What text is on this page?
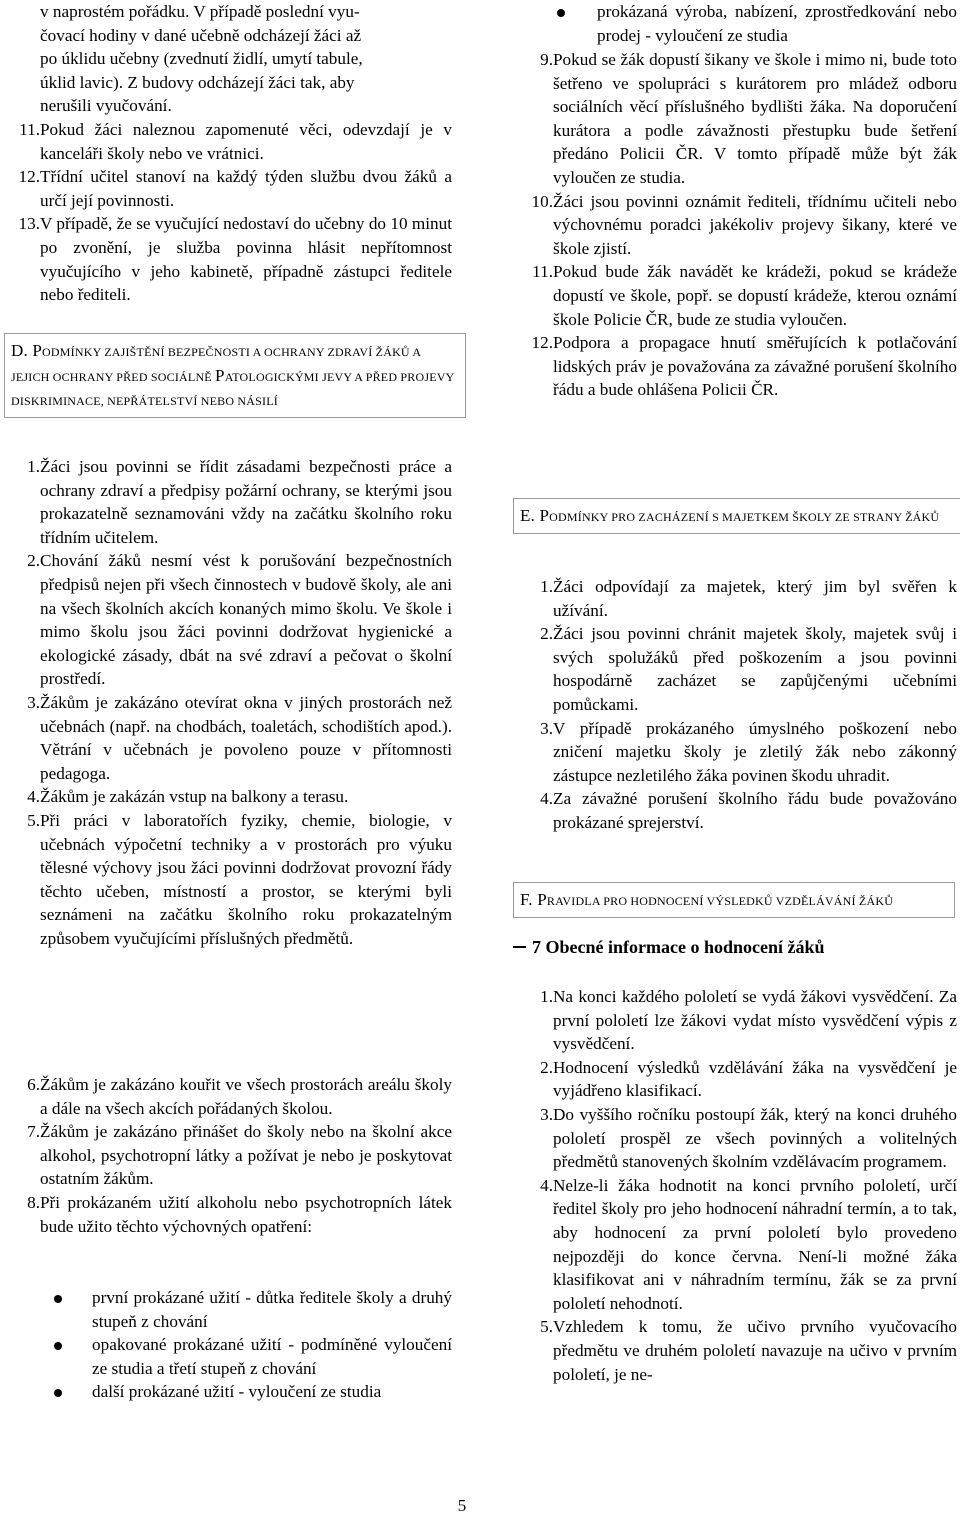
v naprostém pořádku. V případě poslední vyu-

čovací hodiny v dané učebně odcházejí žáci až

po úklidu učebny (zvednutí židlí, umytí tabule,

úklid lavic). Z budovy odcházejí žáci tak, aby

nerušili vyučování.

11. Pokud žáci naleznou zapomenuté věci, odevzdají je v kanceláři školy nebo ve vrátnici.
12. Třídní učitel stanoví na každý týden službu dvou žáků a určí její povinnosti.
13. V případě, že se vyučující nedostaví do učebny do 10 minut po zvonění, je služba povinna hlásit nepřítomnost vyučujícího v jeho kabinetě, případně zástupci ředitele nebo řediteli.
D. PODMÍNKY ZAJIŠTĚNÍ BEZPEČNOSTI A OCHRANY ZDRAVÍ ŽÁKŮ A JEJICH OCHRANY PŘED SOCIÁLNĚ PATOLOGICKÝMI JEVY A PŘED PROJEVY DISKRIMINACE, NEPŘÁTELSTVÍ NEBO NÁSILÍ
1. Žáci jsou povinni se řídit zásadami bezpečnosti práce a ochrany zdraví a předpisy požární ochrany, se kterými jsou prokazatelně seznamováni vždy na začátku školního roku třídním učitelem.
2. Chování žáků nesmí vést k porušování bezpečnostních předpisů nejen při všech činnostech v budově školy, ale ani na všech školních akcích konaných mimo školu. Ve škole i mimo školu jsou žáci povinni dodržovat hygienické a ekologické zásady, dbát na své zdraví a pečovat o školní prostředí.
3. Žákům je zakázáno otevírat okna v jiných prostorách než učebnách (např. na chodbách, toaletách, schodištích apod.). Větrání v učebnách je povoleno pouze v přítomnosti pedagoga.
4. Žákům je zakázán vstup na balkony a terasu.
5. Při práci v laboratořích fyziky, chemie, biologie, v učebnách výpočetní techniky a v prostorách pro výuku tělesné výchovy jsou žáci povinni dodržovat provozní řády těchto učeben, místností a prostor, se kterými byli seznámeni na začátku školního roku prokazatelným způsobem vyučujícími příslušných předmětů.
6. Žákům je zakázáno kouřit ve všech prostorách areálu školy a dále na všech akcích pořádaných školou.
7. Žákům je zakázáno přinášet do školy nebo na školní akce alkohol, psychotropní látky a požívat je nebo je poskytovat ostatním žákům.
8. Při prokázaném užití alkoholu nebo psychotropních látek bude užito těchto výchovných opatření:
první prokázané užití - důtka ředitele školy a druhý stupeň z chování
opakované prokázané užití - podmíněné vyloučení ze studia a třetí stupeň z chování
další prokázané užití - vyloučení ze studia
prokázaná výroba, nabízení, zprostředkování nebo prodej - vyloučení ze studia
9. Pokud se žák dopustí šikany ve škole i mimo ni, bude toto šetřeno ve spolupráci s kurátorem pro mládež odboru sociálních věcí příslušného bydlišti žáka. Na doporučení kurátora a podle závažnosti přestupku bude šetření předáno Policii ČR. V tomto případě může být žák vyloučen ze studia.
10. Žáci jsou povinni oznámit řediteli, třídnímu učiteli nebo výchovnému poradci jakékoliv projevy šikany, které ve škole zjistí.
11. Pokud bude žák navádět ke krádeži, pokud se krádeže dopustí ve škole, popř. se dopustí krádeže, kterou oznámí škole Policie ČR, bude ze studia vyloučen.
12. Podpora a propagace hnutí směřujících k potlačování lidských práv je považována za závažné porušení školního řádu a bude ohlášena Policii ČR.
E. PODMÍNKY PRO ZACHÁZENÍ S MAJETKEM ŠKOLY ZE STRANY ŽÁKŮ
1. Žáci odpovídají za majetek, který jim byl svěřen k užívání.
2. Žáci jsou povinni chránit majetek školy, majetek svůj i svých spolužáků před poškozením a jsou povinni hospodárně zacházet se zapůjčenými učebními pomůckami.
3. V případě prokázaného úmyslného poškození nebo zničení majetku školy je zletilý žák nebo zákonný zástupce nezletilého žáka povinen škodu uhradit.
4. Za závažné porušení školního řádu bude považováno prokázané sprejerství.
F. PRAVIDLA PRO HODNOCENÍ VÝSLEDKŮ VZDĚLÁVÁNÍ ŽÁKŮ
7 Obecné informace o hodnocení žáků
1. Na konci každého pololetí se vydá žákovi vysvědčení. Za první pololetí lze žákovi vydat místo vysvědčení výpis z vysvědčení.
2. Hodnocení výsledků vzdělávání žáka na vysvědčení je vyjádřeno klasifikací.
3. Do vyššího ročníku postoupí žák, který na konci druhého pololetí prospěl ze všech povinných a volitelných předmětů stanovených školním vzdělávacím programem.
4. Nelze-li žáka hodnotit na konci prvního pololetí, určí ředitel školy pro jeho hodnocení náhradní termín, a to tak, aby hodnocení za první pololetí bylo provedeno nejpozději do konce června. Není-li možné žáka klasifikovat ani v náhradním termínu, žák se za první pololetí nehodnotí.
5. Vzhledem k tomu, že učivo prvního vyučovacího předmětu ve druhém pololetí navazuje na učivo v prvním pololetí, je ne-
5
